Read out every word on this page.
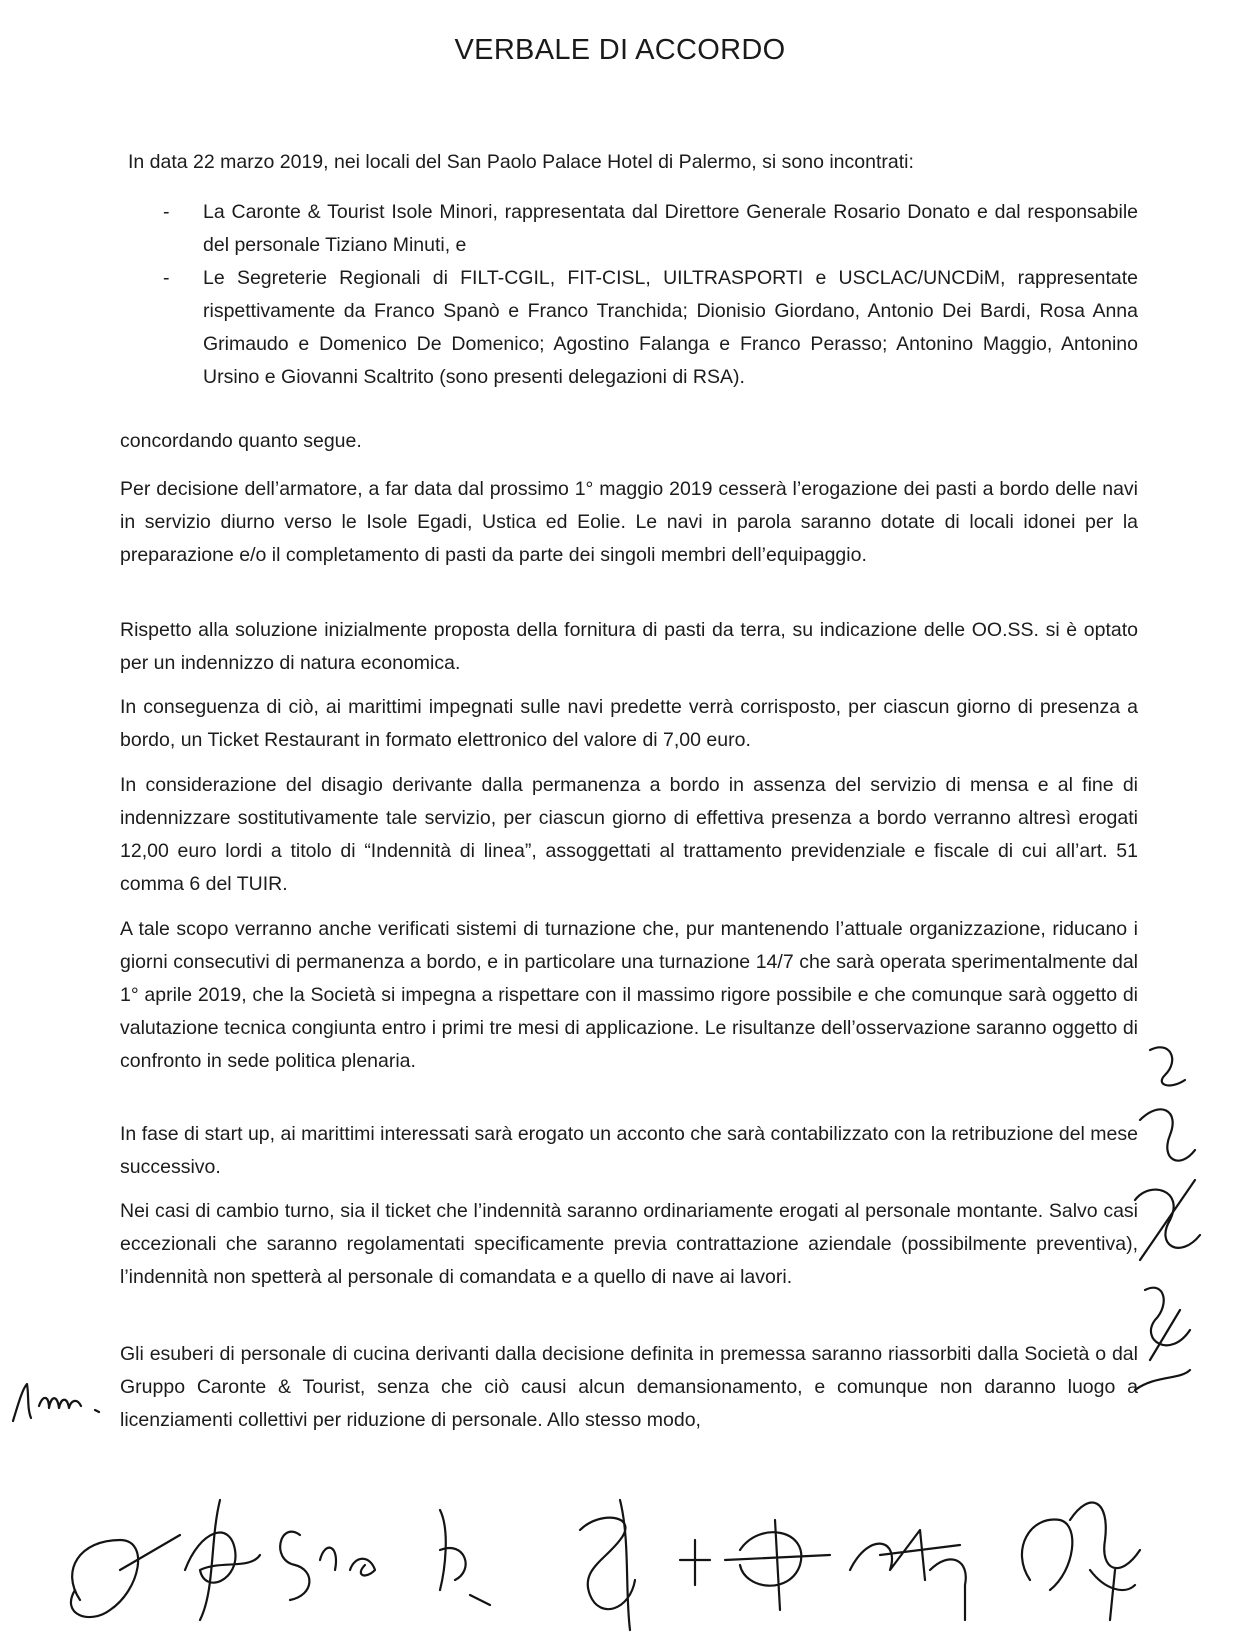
VERBALE DI ACCORDO
In data 22 marzo 2019, nei locali del San Paolo Palace Hotel di Palermo, si sono incontrati:
- La Caronte & Tourist Isole Minori, rappresentata dal Direttore Generale Rosario Donato e dal responsabile del personale Tiziano Minuti, e
- Le Segreterie Regionali di FILT-CGIL, FIT-CISL, UILTRASPORTI e USCLAC/UNCDiM, rappresentate rispettivamente da Franco Spanò e Franco Tranchida; Dionisio Giordano, Antonio Dei Bardi, Rosa Anna Grimaudo e Domenico De Domenico; Agostino Falanga e Franco Perasso; Antonino Maggio, Antonino Ursino e Giovanni Scaltrito (sono presenti delegazioni di RSA).

concordando quanto segue.

Per decisione dell’armatore, a far data dal prossimo 1° maggio 2019 cesserà l’erogazione dei pasti a bordo delle navi in servizio diurno verso le Isole Egadi, Ustica ed Eolie. Le navi in parola saranno dotate di locali idonei per la preparazione e/o il completamento di pasti da parte dei singoli membri dell’equipaggio.

Rispetto alla soluzione inizialmente proposta della fornitura di pasti da terra, su indicazione delle OO.SS. si è optato per un indennizzo di natura economica.

In conseguenza di ciò, ai marittimi impegnati sulle navi predette verrà corrisposto, per ciascun giorno di presenza a bordo, un Ticket Restaurant in formato elettronico del valore di 7,00 euro.

In considerazione del disagio derivante dalla permanenza a bordo in assenza del servizio di mensa e al fine di indennizzare sostitutivamente tale servizio, per ciascun giorno di effettiva presenza a bordo verranno altresì erogati 12,00 euro lordi a titolo di “Indennità di linea”, assoggettati al trattamento previdenziale e fiscale di cui all’art. 51 comma 6 del TUIR.

A tale scopo verranno anche verificati sistemi di turnazione che, pur mantenendo l’attuale organizzazione, riducano i giorni consecutivi di permanenza a bordo, e in particolare una turnazione 14/7 che sarà operata sperimentalmente dal 1° aprile 2019, che la Società si impegna a rispettare con il massimo rigore possibile e che comunque sarà oggetto di valutazione tecnica congiunta entro i primi tre mesi di applicazione. Le risultanze dell’osservazione saranno oggetto di confronto in sede politica plenaria.

In fase di start up, ai marittimi interessati sarà erogato un acconto che sarà contabilizzato con la retribuzione del mese successivo.

Nei casi di cambio turno, sia il ticket che l’indennità saranno ordinariamente erogati al personale montante. Salvo casi eccezionali che saranno regolamentati specificamente previa contrattazione aziendale (possibilmente preventiva), l’indennità non spetterà al personale di comandata e a quello di nave ai lavori.

Gli esuberi di personale di cucina derivanti dalla decisione definita in premessa saranno riassorbiti dalla Società o dal Gruppo Caronte & Tourist, senza che ciò causi alcun demansionamento, e comunque non daranno luogo a licenziamenti collettivi per riduzione di personale. Allo stesso modo,
